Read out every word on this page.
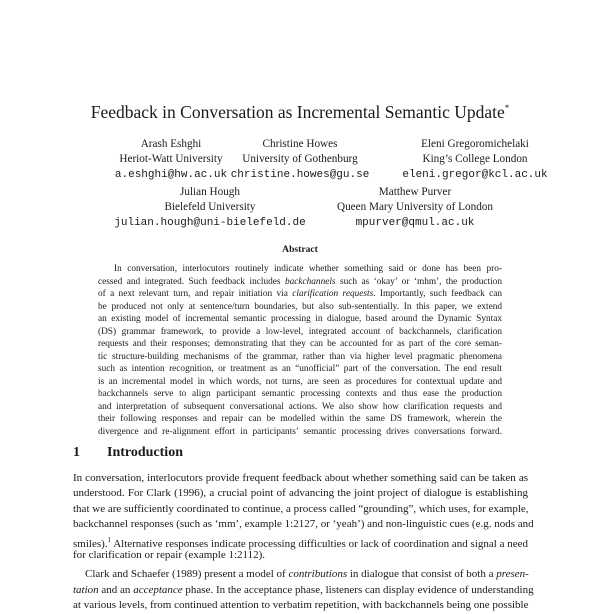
Feedback in Conversation as Incremental Semantic Update*
Arash Eshghi
Heriot-Watt University
a.eshghi@hw.ac.uk
Christine Howes
University of Gothenburg
christine.howes@gu.se
Eleni Gregoromichelaki
King’s College London
eleni.gregor@kcl.ac.uk
Julian Hough
Bielefeld University
julian.hough@uni-bielefeld.de
Matthew Purver
Queen Mary University of London
mpurver@qmul.ac.uk
Abstract
In conversation, interlocutors routinely indicate whether something said or done has been pro-
cessed and integrated. Such feedback includes backchannels such as ‘okay’ or ‘mhm’, the production
of a next relevant turn, and repair initiation via clarification requests. Importantly, such feedback can
be produced not only at sentence/turn boundaries, but also sub-sententially. In this paper, we extend
an existing model of incremental semantic processing in dialogue, based around the Dynamic Syntax
(DS) grammar framework, to provide a low-level, integrated account of backchannels, clarification
requests and their responses; demonstrating that they can be accounted for as part of the core seman-
tic structure-building mechanisms of the grammar, rather than via higher level pragmatic phenomena
such as intention recognition, or treatment as an “unofficial” part of the conversation. The end result
is an incremental model in which words, not turns, are seen as procedures for contextual update and
backchannels serve to align participant semantic processing contexts and thus ease the production
and interpretation of subsequent conversational actions. We also show how clarification requests and
their following responses and repair can be modelled within the same DS framework, wherein the
divergence and re-alignment effort in participants’ semantic processing drives conversations forward.
1 Introduction
In conversation, interlocutors provide frequent feedback about whether something said can be taken as
understood. For Clark (1996), a crucial point of advancing the joint project of dialogue is establishing
that we are sufficiently coordinated to continue, a process called “grounding”, which uses, for example,
backchannel responses (such as ‘mm’, example 1:2127, or ‘yeah’) and non-linguistic cues (e.g. nods and
smiles).$^1$ Alternative responses indicate processing difficulties or lack of coordination and signal a need
for clarification or repair (example 1:2112).
Clark and Schaefer (1989) present a model of contributions in dialogue that consist of both a presen-
tation and an acceptance phase. In the acceptance phase, listeners can display evidence of understanding
at various levels, from continued attention to verbatim repetition, with backchannels being one possible
